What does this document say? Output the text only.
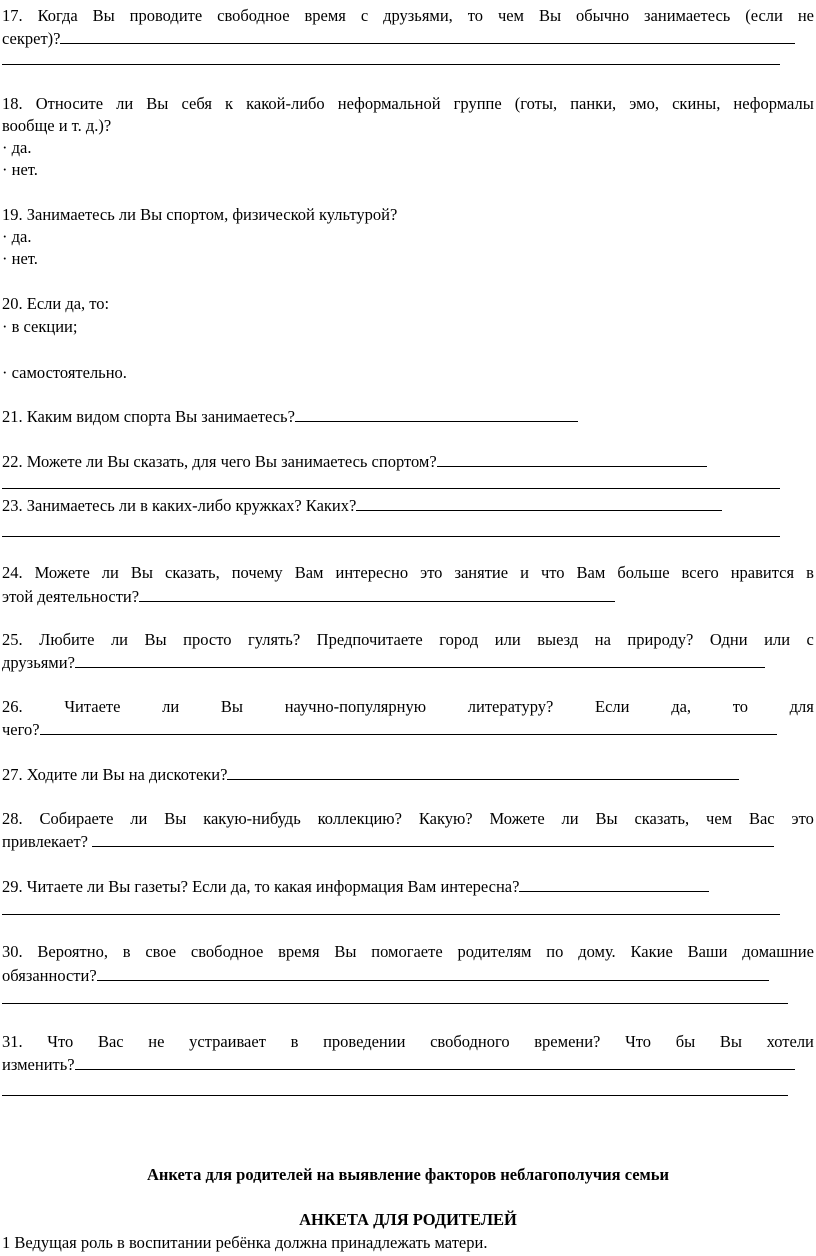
17. Когда Вы проводите свободное время с друзьями, то чем Вы обычно занимаетесь (если не
секрет)?
18. Относите ли Вы себя к какой-либо неформальной группе (готы, панки, эмо, скины, неформалы
вообще и т. д.)?
· да.
· нет.
19. Занимаетесь ли Вы спортом, физической культурой?
· да.
· нет.
20. Если да, то:
· в секции;
· самостоятельно.
21. Каким видом спорта Вы занимаетесь?
22. Можете ли Вы сказать, для чего Вы занимаетесь спортом?
23. Занимаетесь ли в каких-либо кружках? Каких?
24. Можете ли Вы сказать, почему Вам интересно это занятие и что Вам больше всего нравится в
этой деятельности?
25. Любите ли Вы просто гулять? Предпочитаете город или выезд на природу? Одни или с
друзьями?
26.	Читаете	ли	Вы	научно-популярную	литературу?	Если	да,	то	для
чего?
27. Ходите ли Вы на дискотеки?
28. Собираете ли Вы какую-нибудь коллекцию? Какую? Можете ли Вы сказать, чем Вас это
привлекает?
29. Читаете ли Вы газеты? Если да, то какая информация Вам интересна?
30. Вероятно, в свое свободное время Вы помогаете родителям по дому. Какие Ваши домашние
обязанности?
31. Что Вас не устраивает в проведении свободного времени? Что бы Вы хотели
изменить?
Анкета для родителей на выявление факторов неблагополучия семьи
АНКЕТА ДЛЯ РОДИТЕЛЕЙ
1 Ведущая роль в воспитании ребёнка должна принадлежать матери.
